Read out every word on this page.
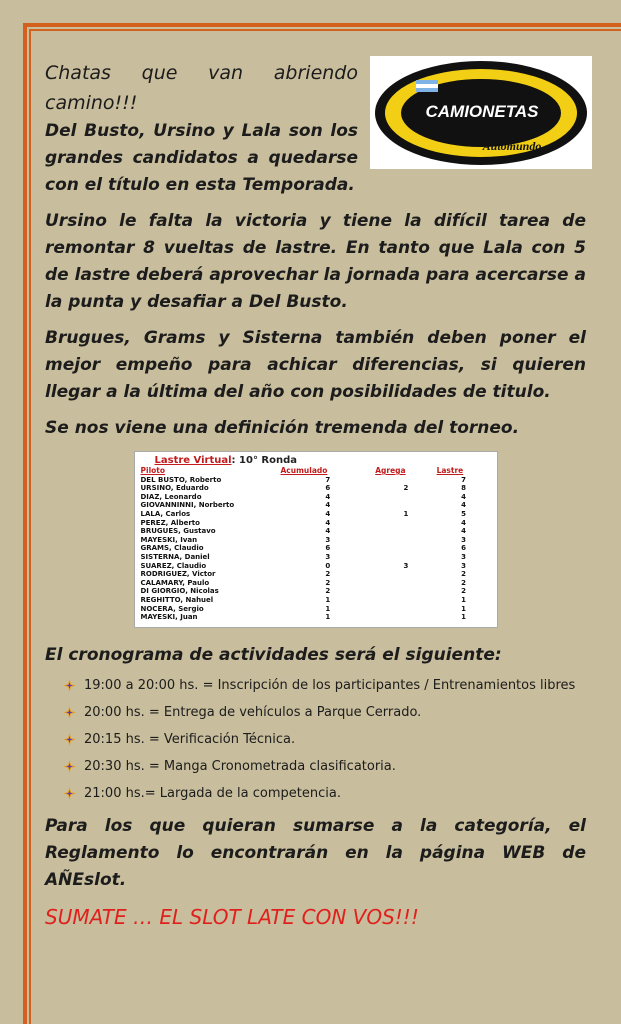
CAMIONETAS
Automundo

Chatas que van abriendo camino!!!

Del Busto, Ursino y Lala son los grandes candidatos a quedarse con el título en esta Temporada.

Ursino le falta la victoria y tiene la difícil tarea de remontar 8 vueltas de lastre. En tanto que Lala con 5 de lastre deberá aprovechar la jornada para acercarse a la punta y desafiar a Del Busto.

Brugues, Grams y Sisterna también deben poner el mejor empeño para achicar diferencias, si quieren llegar a la última del año con posibilidades de titulo.

Se nos viene una definición tremenda del torneo.

Lastre Virtual: 10° Ronda
Piloto	Acumulado	Agrega	Lastre
DEL BUSTO, Roberto	7		7
URSINO, Eduardo	6	2	8
DIAZ, Leonardo	4		4
GIOVANNINNI, Norberto	4		4
LALA, Carlos	4	1	5
PEREZ, Alberto	4		4
BRUGUES, Gustavo	4		4
MAYESKI, Ivan	3		3
GRAMS, Claudio	6		6
SISTERNA, Daniel	3		3
SUAREZ, Claudio	0	3	3
RODRIGUEZ, Victor	2		2
CALAMARY, Paulo	2		2
DI GIORGIO, Nicolas	2		2
REGHITTO, Nahuel	1		1
NOCERA, Sergio	1		1
MAYESKI, Juan	1		1

El cronograma de actividades será el siguiente:

19:00 a 20:00 hs. = Inscripción de los participantes / Entrenamientos libres
20:00 hs. = Entrega de vehículos a Parque Cerrado.
20:15 hs. = Verificación Técnica.
20:30 hs. = Manga Cronometrada clasificatoria.
21:00 hs.= Largada de la competencia.

Para los que quieran sumarse a la categoría, el Reglamento lo encontrarán en la página WEB de AÑEslot.

SUMATE … EL SLOT LATE CON VOS!!!
